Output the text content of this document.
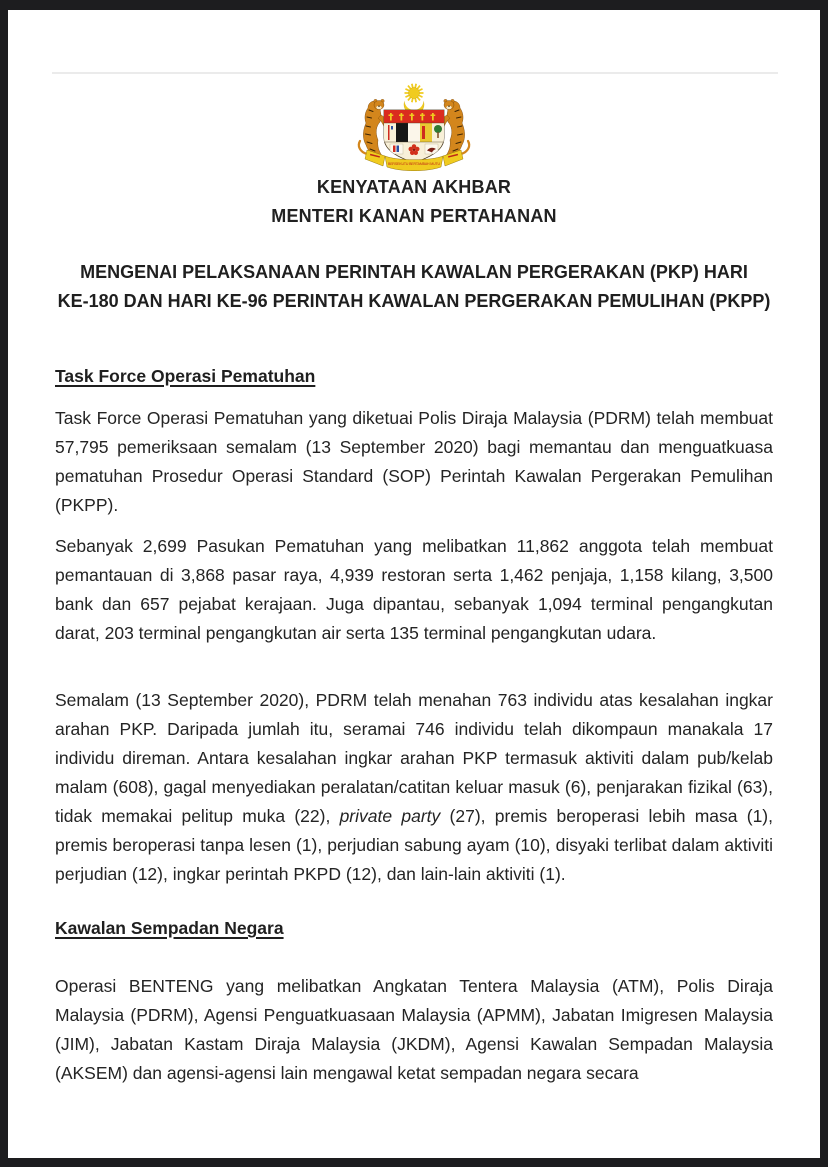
BERSEKUTU BERTAMBAH MUTU
KENYATAAN AKHBAR
MENTERI KANAN PERTAHANAN
MENGENAI PELAKSANAAN PERINTAH KAWALAN PERGERAKAN (PKP) HARI
KE-180 DAN HARI KE-96 PERINTAH KAWALAN PERGERAKAN PEMULIHAN (PKPP)
Task Force Operasi Pematuhan
Task Force Operasi Pematuhan yang diketuai Polis Diraja Malaysia (PDRM) telah membuat 57,795 pemeriksaan semalam (13 September 2020) bagi memantau dan menguatkuasa pematuhan Prosedur Operasi Standard (SOP) Perintah Kawalan Pergerakan Pemulihan (PKPP).
Sebanyak 2,699 Pasukan Pematuhan yang melibatkan 11,862 anggota telah membuat pemantauan di 3,868 pasar raya, 4,939 restoran serta 1,462 penjaja, 1,158 kilang, 3,500 bank dan 657 pejabat kerajaan. Juga dipantau, sebanyak 1,094 terminal pengangkutan darat, 203 terminal pengangkutan air serta 135 terminal pengangkutan udara.
Semalam (13 September 2020), PDRM telah menahan 763 individu atas kesalahan ingkar arahan PKP. Daripada jumlah itu, seramai 746 individu telah dikompaun manakala 17 individu direman. Antara kesalahan ingkar arahan PKP termasuk aktiviti dalam pub/kelab malam (608), gagal menyediakan peralatan/catitan keluar masuk (6), penjarakan fizikal (63), tidak memakai pelitup muka (22), private party (27), premis beroperasi lebih masa (1), premis beroperasi tanpa lesen (1), perjudian sabung ayam (10), disyaki terlibat dalam aktiviti perjudian (12), ingkar perintah PKPD (12), dan lain-lain aktiviti (1).
Kawalan Sempadan Negara
Operasi BENTENG yang melibatkan Angkatan Tentera Malaysia (ATM), Polis Diraja Malaysia (PDRM), Agensi Penguatkuasaan Malaysia (APMM), Jabatan Imigresen Malaysia (JIM), Jabatan Kastam Diraja Malaysia (JKDM), Agensi Kawalan Sempadan Malaysia (AKSEM) dan agensi-agensi lain mengawal ketat sempadan negara secara
